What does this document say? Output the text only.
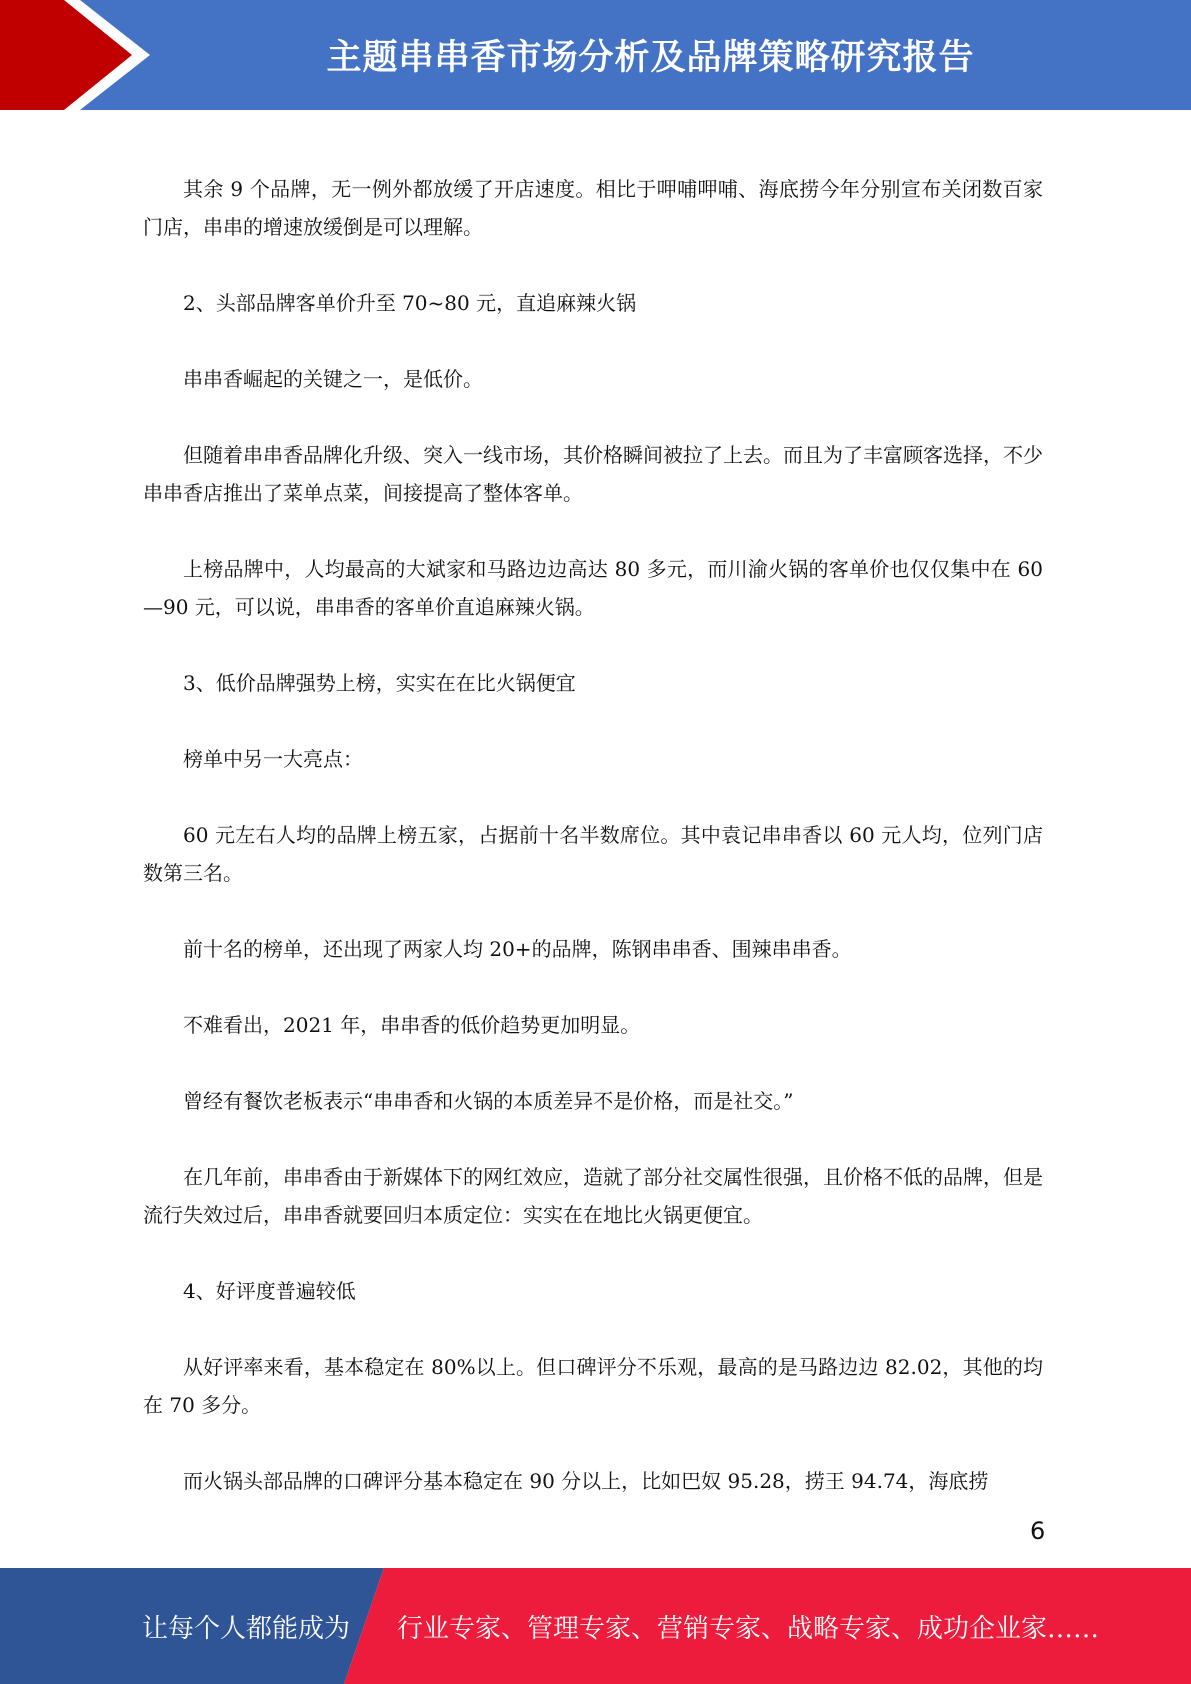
主题串串香市场分析及品牌策略研究报告

其余 9 个品牌，无一例外都放缓了开店速度。相比于呷哺呷哺、海底捞今年分别宣布关闭数百家门店，串串的增速放缓倒是可以理解。

2、头部品牌客单价升至 70~80 元，直追麻辣火锅

串串香崛起的关键之一，是低价。

但随着串串香品牌化升级、突入一线市场，其价格瞬间被拉了上去。而且为了丰富顾客选择，不少串串香店推出了菜单点菜，间接提高了整体客单。

上榜品牌中，人均最高的大斌家和马路边边高达 80 多元，而川渝火锅的客单价也仅仅集中在 60—90 元，可以说，串串香的客单价直追麻辣火锅。

3、低价品牌强势上榜，实实在在比火锅便宜

榜单中另一大亮点：

60 元左右人均的品牌上榜五家，占据前十名半数席位。其中袁记串串香以 60 元人均，位列门店数第三名。

前十名的榜单，还出现了两家人均 20+的品牌，陈钢串串香、围辣串串香。

不难看出，2021 年，串串香的低价趋势更加明显。

曾经有餐饮老板表示“串串香和火锅的本质差异不是价格，而是社交。”

在几年前，串串香由于新媒体下的网红效应，造就了部分社交属性很强，且价格不低的品牌，但是流行失效过后，串串香就要回归本质定位：实实在在地比火锅更便宜。

4、好评度普遍较低

从好评率来看，基本稳定在 80%以上。但口碑评分不乐观，最高的是马路边边 82.02，其他的均在 70 多分。

而火锅头部品牌的口碑评分基本稳定在 90 分以上，比如巴奴 95.28，捞王 94.74，海底捞

6
让每个人都能成为 行业专家、管理专家、营销专家、战略专家、成功企业家……
